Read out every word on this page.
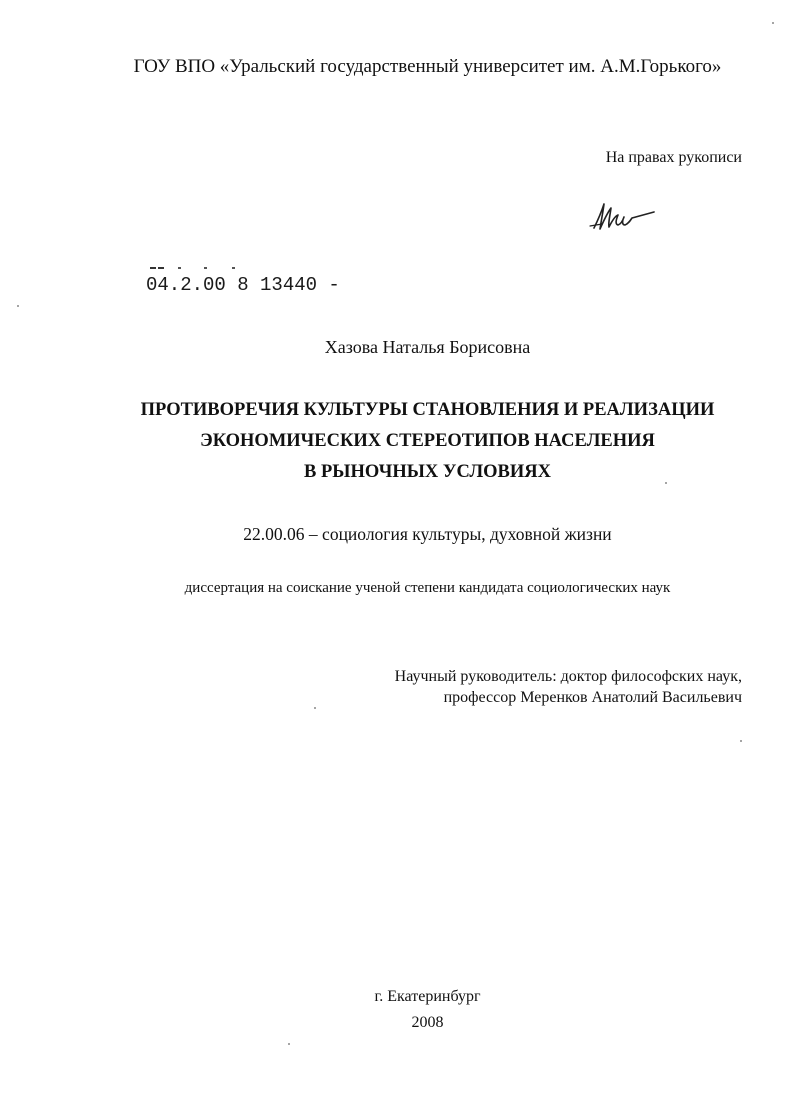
ГОУ ВПО «Уральский государственный университет им. А.М.Горького»
На правах рукописи
04.2.00 8 13440 -
Хазова Наталья Борисовна
ПРОТИВОРЕЧИЯ КУЛЬТУРЫ СТАНОВЛЕНИЯ И РЕАЛИЗАЦИИ
ЭКОНОМИЧЕСКИХ СТЕРЕОТИПОВ НАСЕЛЕНИЯ
В РЫНОЧНЫХ УСЛОВИЯХ
22.00.06 – социология культуры, духовной жизни
диссертация на соискание ученой степени кандидата социологических наук
Научный руководитель: доктор философских наук,
профессор Меренков Анатолий Васильевич
г. Екатеринбург
2008
